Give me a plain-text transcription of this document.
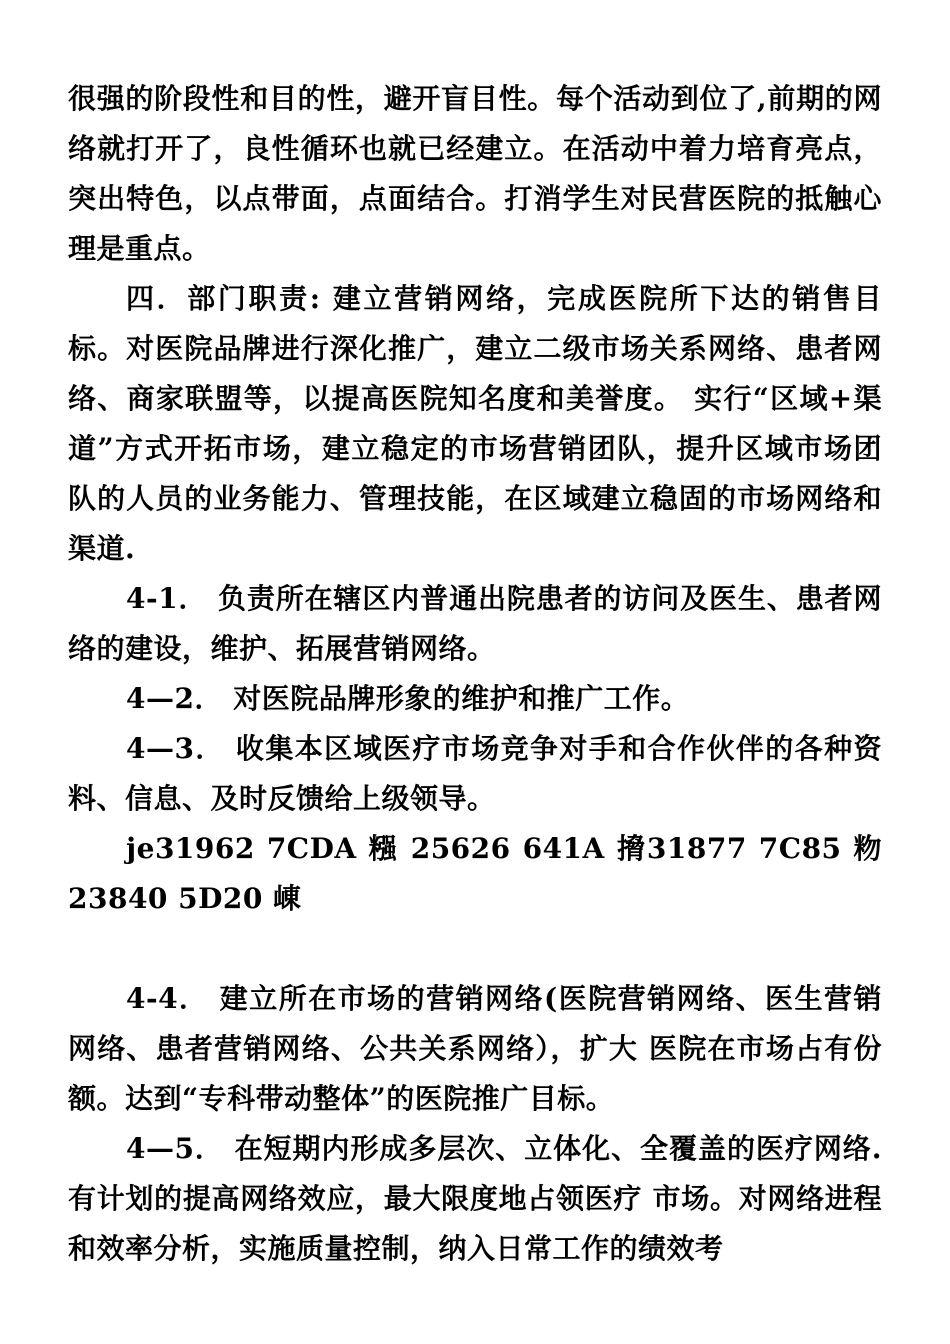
很强的阶段性和目的性，避开盲目性。每个活动到位了,前期的网络就打开了，良性循环也就已经建立。在活动中着力培育亮点，突出特色，以点带面，点面结合。打消学生对民营医院的抵触心理是重点。

四．部门职责: 建立营销网络，完成医院所下达的销售目标。对医院品牌进行深化推广，建立二级市场关系网络、患者网络、商家联盟等，以提高医院知名度和美誉度。 实行“区域+渠道”方式开拓市场，建立稳定的市场营销团队，提升区域市场团队的人员的业务能力、管理技能，在区域建立稳固的市场网络和渠道.

4-1． 负责所在辖区内普通出院患者的访问及医生、患者网络的建设，维护、拓展营销网络。

4—2． 对医院品牌形象的维护和推广工作。

4—3． 收集本区域医疗市场竞争对手和合作伙伴的各种资料、信息、及时反馈给上级领导。

je31962 7CDA 糨 25626 641A 搚31877 7C85 粅23840 5D20 崠

4-4． 建立所在市场的营销网络(医院营销网络、医生营销网络、患者营销网络、公共关系网络），扩大 医院在市场占有份额。达到“专科带动整体”的医院推广目标。

4—5． 在短期内形成多层次、立体化、全覆盖的医疗网络.有计划的提高网络效应，最大限度地占领医疗 市场。对网络进程和效率分析，实施质量控制，纳入日常工作的绩效考
